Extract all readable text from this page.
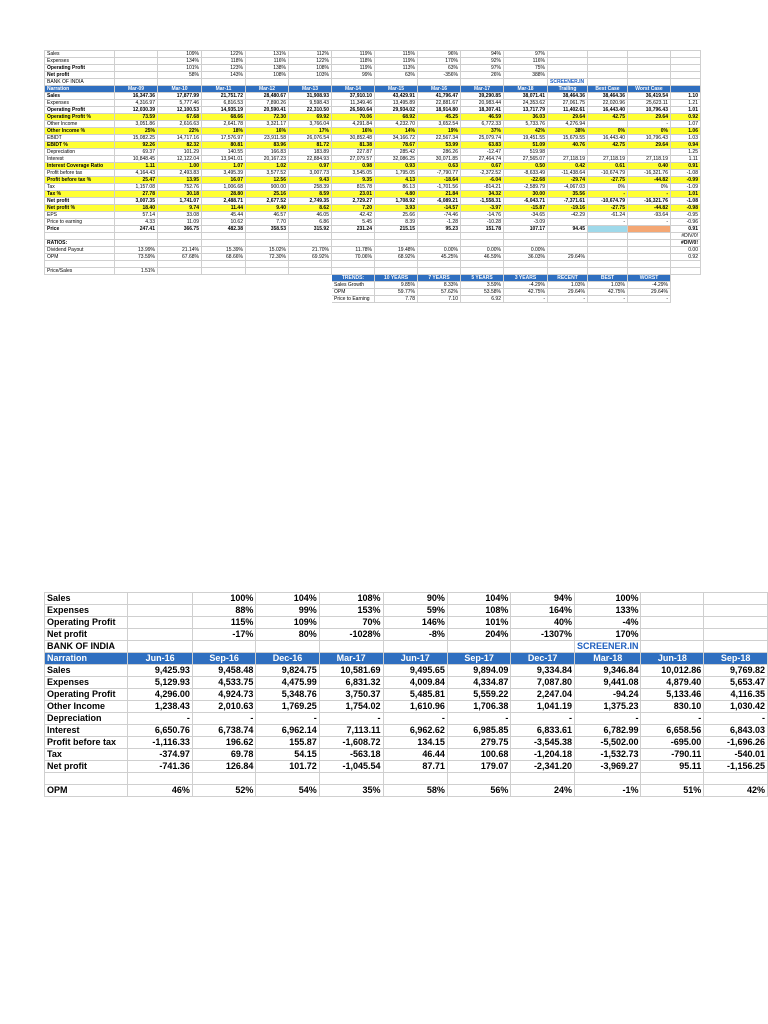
Sales		109%	122%	131%	112%	119%	115%	96%	94%	97%				
Expenses		134%	118%	116%	122%	118%	119%	170%	92%	116%				
Operating Profit		101%	123%	138%	108%	119%	113%	63%	97%	75%				
Net profit		58%	143%	108%	103%	99%	63%	-356%	26%	388%				
BANK OF INDIA											SCREENER.IN			
Narration	Mar-09	Mar-10	Mar-11	Mar-12	Mar-13	Mar-14	Mar-15	Mar-16	Mar-17	Mar-18	Trailing	Best Case	Worst Case	
Sales	16,347.36	17,877.99	21,751.72	28,480.67	31,908.93	37,910.10	43,429.91	41,796.47	39,290.85	38,071.41	38,464.36	38,464.36	36,419.54	1.10
Expenses	4,316.97	5,777.46	6,816.53	7,890.26	9,598.43	11,349.46	13,495.89	22,881.67	20,983.44	24,353.62	27,061.75	22,020.96	25,623.11	1.21
Operating Profit	12,030.39	12,100.53	14,935.19	20,590.41	22,310.50	26,560.64	29,934.02	18,914.80	18,307.41	13,717.79	11,402.61	16,443.40	10,796.43	1.01
Operating Profit %	73.59	67.68	68.66	72.30	69.92	70.06	68.92	45.25	46.59	36.03	29.64	42.75	29.64	0.92
Other Income	3,051.86	2,616.63	2,641.78	3,321.17	3,766.04	4,291.84	4,232.70	3,652.54	6,772.33	5,733.76	4,276.94		-	1.07
Other Income %	25%	22%	18%	16%	17%	16%	14%	19%	37%	42%	38%	0%	0%	1.06
EBIDT	15,082.25	14,717.16	17,576.97	23,911.58	26,076.54	30,852.48	34,166.72	22,567.34	25,079.74	19,451.55	15,679.55	16,443.40	10,796.43	1.03
EBIDT %	92.26	82.32	80.81	83.96	81.72	81.38	78.67	53.99	63.83	51.09	40.76	42.75	29.64	0.94
Depreciation	69.37	101.29	140.55	166.83	183.89	227.87	285.42	286.26	-12.47	519.98				1.25
Interest	10,848.45	12,122.04	13,941.01	20,167.23	22,884.93	27,079.57	32,086.25	30,071.85	27,464.74	27,565.07	27,118.19	27,118.19	27,118.19	1.11
Interest Coverage Ratio	1.11	1.00	1.07	1.02	0.97	0.98	0.93	0.63	0.67	0.50	0.42	0.61	0.40	0.91
Profit before tax	4,164.43	2,493.83	3,495.39	3,577.52	3,007.73	3,545.05	1,795.05	-7,790.77	-2,372.52	-8,633.49	-11,438.64	-10,674.79	-16,321.76	-1.08
Profit before tax %	25.47	13.95	16.07	12.56	9.43	9.35	4.13	-18.64	-6.04	-22.68	-29.74	-27.75	-44.82	-0.99
Tax	1,157.08	752.76	1,006.68	900.00	258.39	815.78	86.13	-1,701.56	-814.21	-2,589.79	-4,067.03	0%	0%	-1.09
Tax %	27.78	30.18	28.80	25.16	8.59	23.01	4.80	21.84	34.32	30.00	35.56	-	-	1.01
Net profit	3,007.35	1,741.07	2,488.71	2,677.52	2,749.35	2,729.27	1,708.92	-6,089.21	-1,558.31	-6,043.71	-7,371.61	-10,674.79	-16,321.76	-1.08
Net profit %	18.40	9.74	11.44	9.40	8.62	7.20	3.93	-14.57	-3.97	-15.87	-19.16	-27.75	-44.82	-0.98
EPS	57.14	33.08	45.44	46.57	46.05	42.42	25.66	-74.46	-14.76	-34.65	-42.29	-61.24	-93.64	-0.95
Price to earning	4.33	11.09	10.62	7.70	6.86	5.45	8.39	-1.28	-10.28	-3.09		-	-	-0.96
Price	247.41	366.75	482.38	358.53	315.92	231.24	215.15	95.23	151.78	107.17	94.45			0.91
														#DIV/0!
RATIOS:														#DIV/0!
Dividend Payout	13.99%	21.14%	15.39%	15.02%	21.70%	11.78%	19.48%	0.00%	0.00%	0.00%				0.00
OPM	73.59%	67.68%	68.66%	72.30%	69.92%	70.06%	68.92%	45.25%	46.59%	36.03%	29.64%			0.92

Price/Sales	1.51%													
						TRENDS:	10 YEARS	7 YEARS	5 YEARS	3 YEARS	RECENT	BEST	WORST	
						Sales Growth	9.85%	8.33%	3.59%	-4.29%	1.03%	1.03%	-4.29%	
						OPM	59.77%	57.62%	53.58%	42.75%	29.64%	42.75%	29.64%	
						Price to Earning	7.78	7.10	6.92	-	-	-	-	
Sales		100%	104%	108%	90%	104%	94%	100%		
Expenses		88%	99%	153%	59%	108%	164%	133%		
Operating Profit		115%	109%	70%	146%	101%	40%	-4%		
Net profit		-17%	80%	-1028%	-8%	204%	-1307%	170%		
BANK OF INDIA								SCREENER.IN		
Narration	Jun-16	Sep-16	Dec-16	Mar-17	Jun-17	Sep-17	Dec-17	Mar-18	Jun-18	Sep-18
Sales	9,425.93	9,458.48	9,824.75	10,581.69	9,495.65	9,894.09	9,334.84	9,346.84	10,012.86	9,769.82
Expenses	5,129.93	4,533.75	4,475.99	6,831.32	4,009.84	4,334.87	7,087.80	9,441.08	4,879.40	5,653.47
Operating Profit	4,296.00	4,924.73	5,348.76	3,750.37	5,485.81	5,559.22	2,247.04	-94.24	5,133.46	4,116.35
Other Income	1,238.43	2,010.63	1,769.25	1,754.02	1,610.96	1,706.38	1,041.19	1,375.23	830.10	1,030.42
Depreciation	-	-	-	-	-	-	-	-	-	-
Interest	6,650.76	6,738.74	6,962.14	7,113.11	6,962.62	6,985.85	6,833.61	6,782.99	6,658.56	6,843.03
Profit before tax	-1,116.33	196.62	155.87	-1,608.72	134.15	279.75	-3,545.38	-5,502.00	-695.00	-1,696.26
Tax	-374.97	69.78	54.15	-563.18	46.44	100.68	-1,204.18	-1,532.73	-790.11	-540.01
Net profit	-741.36	126.84	101.72	-1,045.54	87.71	179.07	-2,341.20	-3,969.27	95.11	-1,156.25

OPM	46%	52%	54%	35%	58%	56%	24%	-1%	51%	42%
